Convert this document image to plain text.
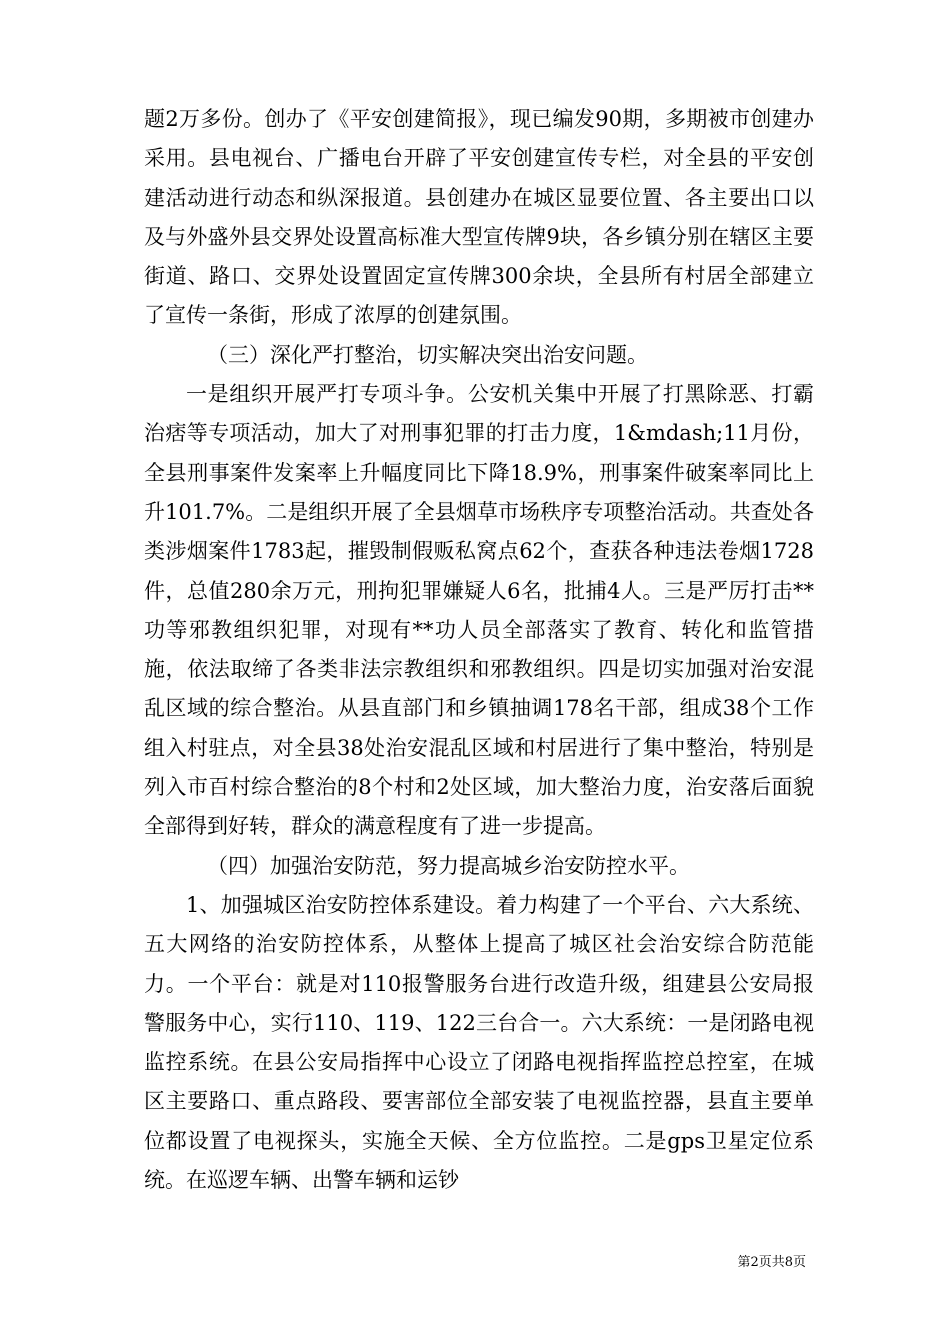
题2万多份。创办了《平安创建简报》，现已编发90期，多期被市创建办采用。县电视台、广播电台开辟了平安创建宣传专栏，对全县的平安创建活动进行动态和纵深报道。县创建办在城区显要位置、各主要出口以及与外盛外县交界处设置高标准大型宣传牌9块，各乡镇分别在辖区主要街道、路口、交界处设置固定宣传牌300余块，全县所有村居全部建立了宣传一条街，形成了浓厚的创建氛围。

（三）深化严打整治，切实解决突出治安问题。

一是组织开展严打专项斗争。公安机关集中开展了打黑除恶、打霸治痞等专项活动，加大了对刑事犯罪的打击力度，1&mdash;11月份，全县刑事案件发案率上升幅度同比下降18.9%，刑事案件破案率同比上升101.7%。二是组织开展了全县烟草市场秩序专项整治活动。共查处各类涉烟案件1783起，摧毁制假贩私窝点62个，查获各种违法卷烟1728件，总值280余万元，刑拘犯罪嫌疑人6名，批捕4人。三是严厉打击**功等邪教组织犯罪，对现有**功人员全部落实了教育、转化和监管措施，依法取缔了各类非法宗教组织和邪教组织。四是切实加强对治安混乱区域的综合整治。从县直部门和乡镇抽调178名干部，组成38个工作组入村驻点，对全县38处治安混乱区域和村居进行了集中整治，特别是列入市百村综合整治的8个村和2处区域，加大整治力度，治安落后面貌全部得到好转，群众的满意程度有了进一步提高。

（四）加强治安防范，努力提高城乡治安防控水平。

1、加强城区治安防控体系建设。着力构建了一个平台、六大系统、五大网络的治安防控体系，从整体上提高了城区社会治安综合防范能力。一个平台：就是对110报警服务台进行改造升级，组建县公安局报警服务中心，实行110、119、122三台合一。六大系统：一是闭路电视监控系统。在县公安局指挥中心设立了闭路电视指挥监控总控室，在城区主要路口、重点路段、要害部位全部安装了电视监控器，县直主要单位都设置了电视探头，实施全天候、全方位监控。二是gps卫星定位系统。在巡逻车辆、出警车辆和运钞

第2页共8页
